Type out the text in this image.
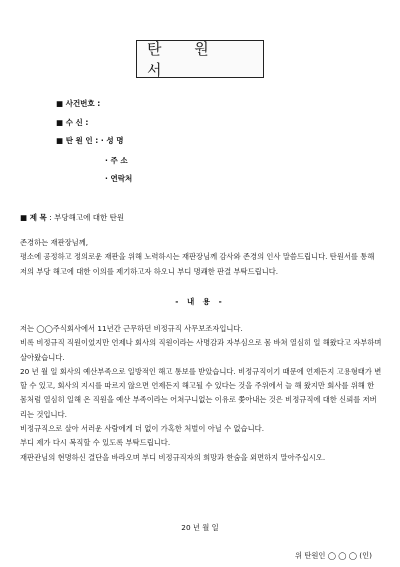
탄 원 서
■ 사건번호 :
■ 수 신 :
■ 탄 원 인 : · 성 명
· 주 소
· 연락처
■ 제 목 : 부당해고에 대한 탄원

존경하는 재판장님께,

평소에 공정하고 정의로운 재판을 위해 노력하시는 재판장님께 감사와 존경의 인사 말씀드립니다. 탄원서를 통해 저의 부당 해고에 대한 이의를 제기하고자 하오니 부디 명쾌한 판결 부탁드립니다.

- 내 용 -

저는 ◯◯주식회사에서 11년간 근무하던 비정규직 사무보조자입니다.

비록 비정규직 직원이었지만 언제나 회사의 직원이라는 사명감과 자부심으로 몸 바쳐 열심히 일 해왔다고 자부하며 살아왔습니다.

20 년 월 일 회사의 예산부족으로 일방적인 해고 통보를 받았습니다. 비정규직이기 때문에 언제든지 고용형태가 변할 수 있고, 회사의 지시를 따르지 않으면 언제든지 해고될 수 있다는 것을 주위에서 늘 해 왔지만 회사를 위해 한 몸처럼 열심히 일해 온 직원을 예산 부족이라는 어쳐구니없는 이유로 쫓아내는 것은 비정규직에 대한 신뢰를 저버리는 것입니다.

비정규직으로 살아 서러운 사람에게 더 없이 가혹한 처벌이 아닐 수 없습니다.

부디 제가 다시 복직할 수 있도록 부탁드립니다.

재판관님의 현명하신 결단을 바라오며 부디 비정규직자의 희망과 한숨을 외면하지 말아주십시오.

20 년 월 일
위 탄원인 ◯ ◯ ◯ (인)
